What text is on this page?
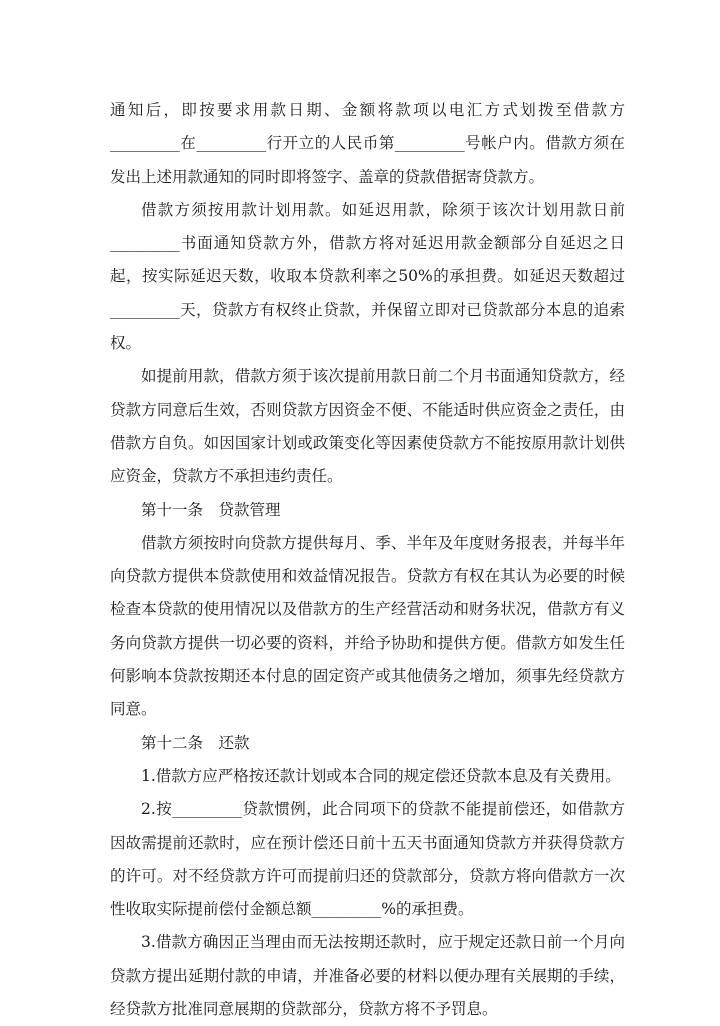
通知后，即按要求用款日期、金额将款项以电汇方式划拨至借款方_________在_________行开立的人民币第_________号帐户内。借款方须在发出上述用款通知的同时即将签字、盖章的贷款借据寄贷款方。

借款方须按用款计划用款。如延迟用款，除须于该次计划用款日前_________书面通知贷款方外，借款方将对延迟用款金额部分自延迟之日起，按实际延迟天数，收取本贷款利率之50%的承担费。如延迟天数超过_________天，贷款方有权终止贷款，并保留立即对已贷款部分本息的追索权。

如提前用款，借款方须于该次提前用款日前二个月书面通知贷款方，经贷款方同意后生效，否则贷款方因资金不便、不能适时供应资金之责任，由借款方自负。如因国家计划或政策变化等因素使贷款方不能按原用款计划供应资金，贷款方不承担违约责任。

第十一条　贷款管理

借款方须按时向贷款方提供每月、季、半年及年度财务报表，并每半年向贷款方提供本贷款使用和效益情况报告。贷款方有权在其认为必要的时候检查本贷款的使用情况以及借款方的生产经营活动和财务状况，借款方有义务向贷款方提供一切必要的资料，并给予协助和提供方便。借款方如发生任何影响本贷款按期还本付息的固定资产或其他债务之增加，须事先经贷款方同意。

第十二条　还款

1.借款方应严格按还款计划或本合同的规定偿还贷款本息及有关费用。

2.按_________贷款惯例，此合同项下的贷款不能提前偿还，如借款方因故需提前还款时，应在预计偿还日前十五天书面通知贷款方并获得贷款方的许可。对不经贷款方许可而提前归还的贷款部分，贷款方将向借款方一次性收取实际提前偿付金额总额_________%的承担费。

3.借款方确因正当理由而无法按期还款时，应于规定还款日前一个月向贷款方提出延期付款的申请，并准备必要的材料以便办理有关展期的手续，经贷款方批准同意展期的贷款部分，贷款方将不予罚息。
